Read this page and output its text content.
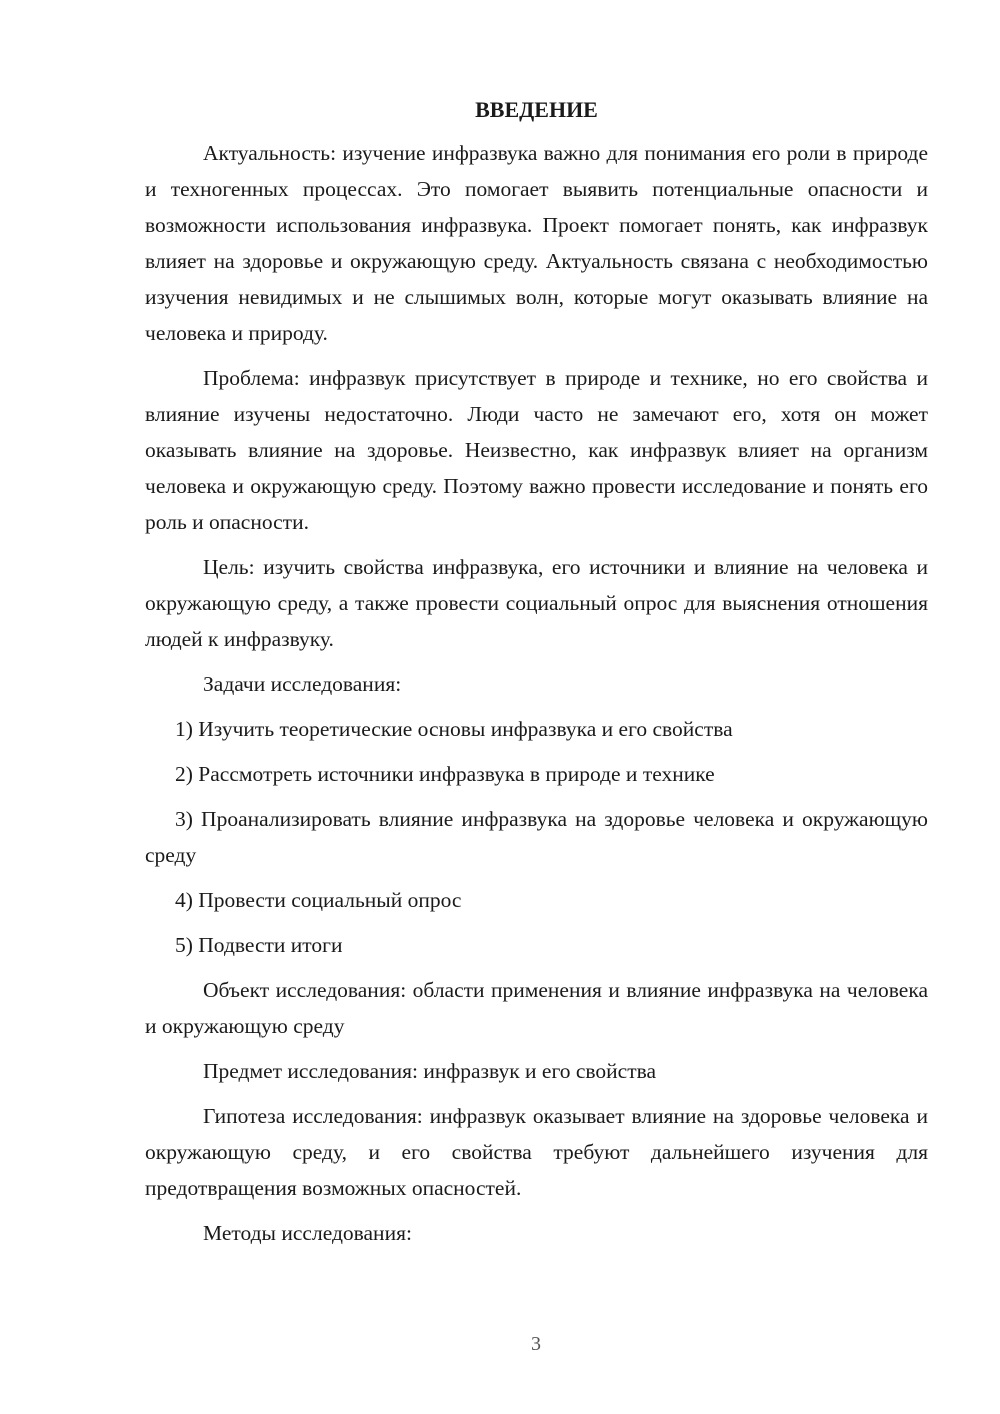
ВВЕДЕНИЕ

Актуальность: изучение инфразвука важно для понимания его роли в природе и техногенных процессах. Это помогает выявить потенциальные опасности и возможности использования инфразвука. Проект помогает понять, как инфразвук влияет на здоровье и окружающую среду. Актуальность связана с необходимостью изучения невидимых и не слышимых волн, которые могут оказывать влияние на человека и природу.

Проблема: инфразвук присутствует в природе и технике, но его свойства и влияние изучены недостаточно. Люди часто не замечают его, хотя он может оказывать влияние на здоровье. Неизвестно, как инфразвук влияет на организм человека и окружающую среду. Поэтому важно провести исследование и понять его роль и опасности.

Цель: изучить свойства инфразвука, его источники и влияние на человека и окружающую среду, а также провести социальный опрос для выяснения отношения людей к инфразвуку.

Задачи исследования:

1) Изучить теоретические основы инфразвука и его свойства

2) Рассмотреть источники инфразвука в природе и технике

3) Проанализировать влияние инфразвука на здоровье человека и окружающую среду

4) Провести социальный опрос

5) Подвести итоги

Объект исследования: области применения и влияние инфразвука на человека и окружающую среду

Предмет исследования: инфразвук и его свойства

Гипотеза исследования: инфразвук оказывает влияние на здоровье человека и окружающую среду, и его свойства требуют дальнейшего изучения для предотвращения возможных опасностей.

Методы исследования:

3
